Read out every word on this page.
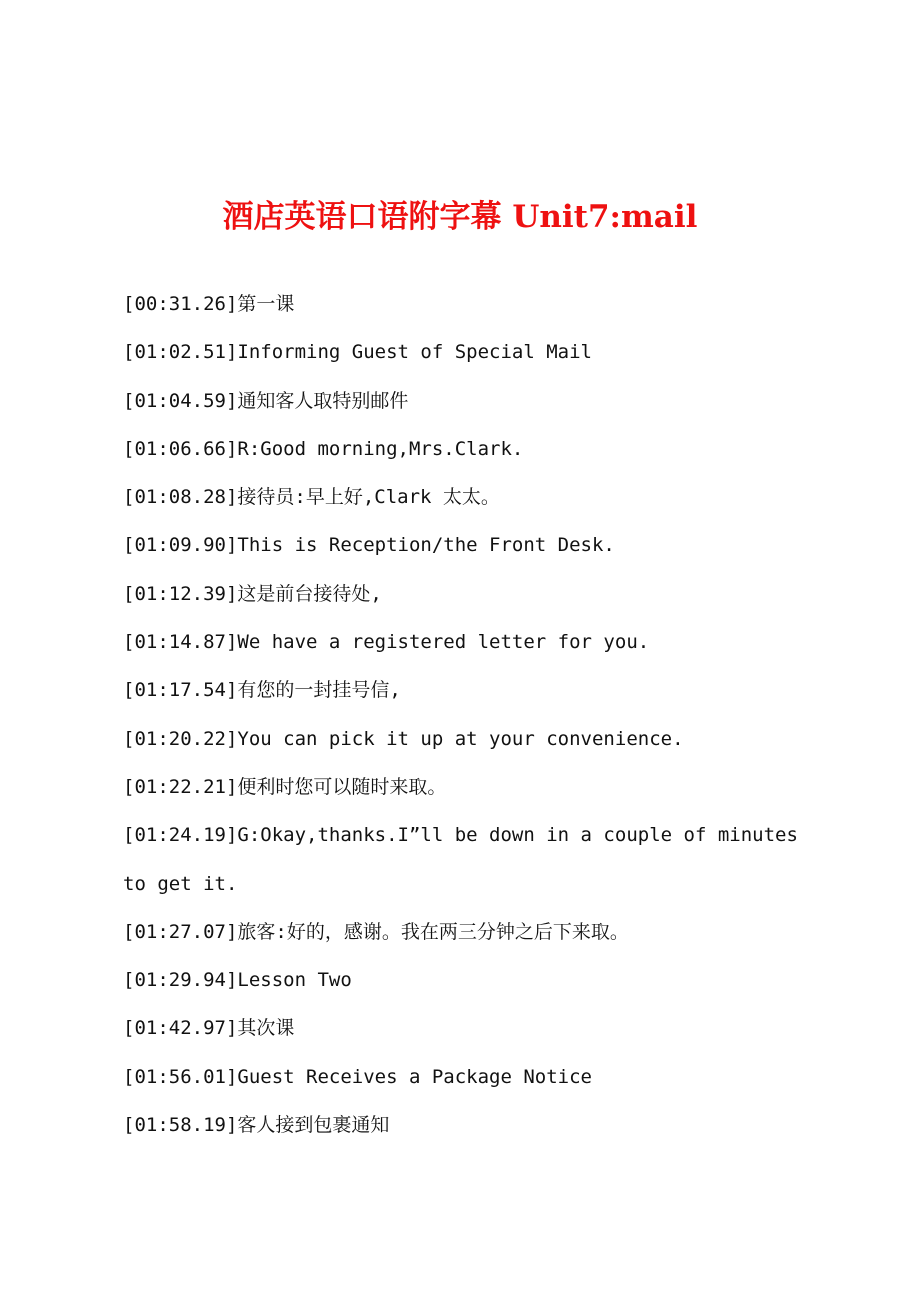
酒店英语口语附字幕 Unit7:mail
[00:31.26]第一课
[01:02.51]Informing Guest of Special Mail
[01:04.59]通知客人取特别邮件
[01:06.66]R:Good morning,Mrs.Clark.
[01:08.28]接待员:早上好,Clark 太太。
[01:09.90]This is Reception/the Front Desk.
[01:12.39]这是前台接待处,
[01:14.87]We have a registered letter for you.
[01:17.54]有您的一封挂号信,
[01:20.22]You can pick it up at your convenience.
[01:22.21]便利时您可以随时来取。
[01:24.19]G:Okay,thanks.I”ll be down in a couple of minutes to get it.
[01:27.07]旅客:好的，感谢。我在两三分钟之后下来取。
[01:29.94]Lesson Two
[01:42.97]其次课
[01:56.01]Guest Receives a Package Notice
[01:58.19]客人接到包裹通知
